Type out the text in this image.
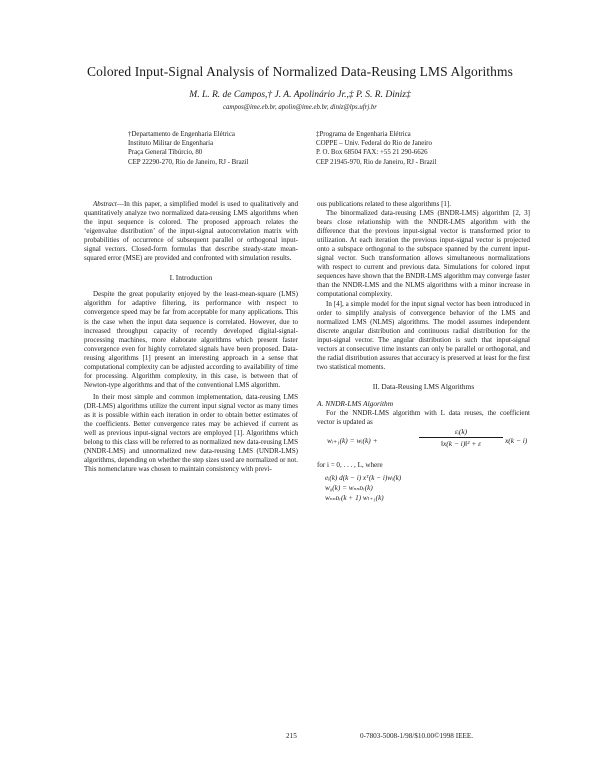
Colored Input-Signal Analysis of Normalized Data-Reusing LMS Algorithms
M. L. R. de Campos,† J. A. Apolinário Jr.,‡ P. S. R. Diniz‡
campos@ime.eb.br, apolin@ime.eb.br, diniz@lps.ufrj.br
†Departamento de Engenharia Elétrica
Instituto Militar de Engenharia
Praça General Tibúrcio, 80
CEP 22290-270, Rio de Janeiro, RJ - Brazil
‡Programa de Engenharia Elétrica
COPPE – Univ. Federal do Rio de Janeiro
P. O. Box 68504 FAX: +55 21 290-6626
CEP 21945-970, Rio de Janeiro, RJ - Brazil

Abstract—In this paper, a simplified model is used to qualitatively and quantitatively analyze two normalized data-reusing LMS algorithms when the input sequence is colored. The proposed approach relates the ‘eigenvalue distribution’ of the input-signal autocorrelation matrix with probabilities of occurrence of subsequent parallel or orthogonal input-signal vectors. Closed-form formulas that describe steady-state mean-squared error (MSE) are provided and confronted with simulation results.

I. Introduction

Despite the great popularity enjoyed by the least-mean-square (LMS) algorithm for adaptive filtering, its performance with respect to convergence speed may be far from acceptable for many applications. This is the case when the input data sequence is correlated. However, due to increased throughput capacity of recently developed digital-signal-processing machines, more elaborate algorithms which present faster convergence even for highly correlated signals have been proposed. Data-reusing algorithms [1] present an interesting approach in a sense that computational complexity can be adjusted according to availability of time for processing. Algorithm complexity, in this case, is between that of Newton-type algorithms and that of the conventional LMS algorithm.

In their most simple and common implementation, data-reusing LMS (DR-LMS) algorithms utilize the current input signal vector as many times as it is possible within each iteration in order to obtain better estimates of the coefficients. Better convergence rates may be achieved if current as well as previous input-signal vectors are employed [1]. Algorithms which belong to this class will be referred to as normalized new data-reusing LMS (NNDR-LMS) and unnormalized new data-reusing LMS (UNDR-LMS) algorithms, depending on whether the step sizes used are normalized or not. This nomenclature was chosen to maintain consistency with previ-

ous publications related to these algorithms [1].

The binormalized data-reusing LMS (BNDR-LMS) algorithm [2, 3] bears close relationship with the NNDR-LMS algorithm with the difference that the previous input-signal vector is transformed prior to utilization. At each iteration the previous input-signal vector is projected onto a subspace orthogonal to the subspace spanned by the current input-signal vector. Such transformation allows simultaneous normalizations with respect to current and previous data. Simulations for colored input sequences have shown that the BNDR-LMS algorithm may converge faster than the NNDR-LMS and the NLMS algorithms with a minor increase in computational complexity.

In [4], a simple model for the input signal vector has been introduced in order to simplify analysis of convergence behavior of the LMS and normalized LMS (NLMS) algorithms. The model assumes independent discrete angular distribution and continuous radial distribution for the input-signal vector. The angular distribution is such that input-signal vectors at consecutive time instants can only be parallel or orthogonal, and the radial distribution assures that accuracy is preserved at least for the first two statistical moments.

II. Data-Reusing LMS Algorithms
A. NNDR-LMS Algorithm

For the NNDR-LMS algorithm with L data reuses, the coefficient vector is updated as

wᵢ₊₁(k) = wᵢ(k) +	$\frac{\text{εᵢ(k)}}{\text{‖x(k − i)‖² + ε}} x(k - i)$

for i = 0, . . . , L, where

eᵢ(k) d(k − i) xᵀ(k − i)wᵢ(k)
w₀(k) = wₙₙᴅᵣ(k)
wₙₙᴅᵣ(k + 1) wₗ₊₁(k)
215	0-7803-5008-1/98/$10.00©1998 IEEE.
